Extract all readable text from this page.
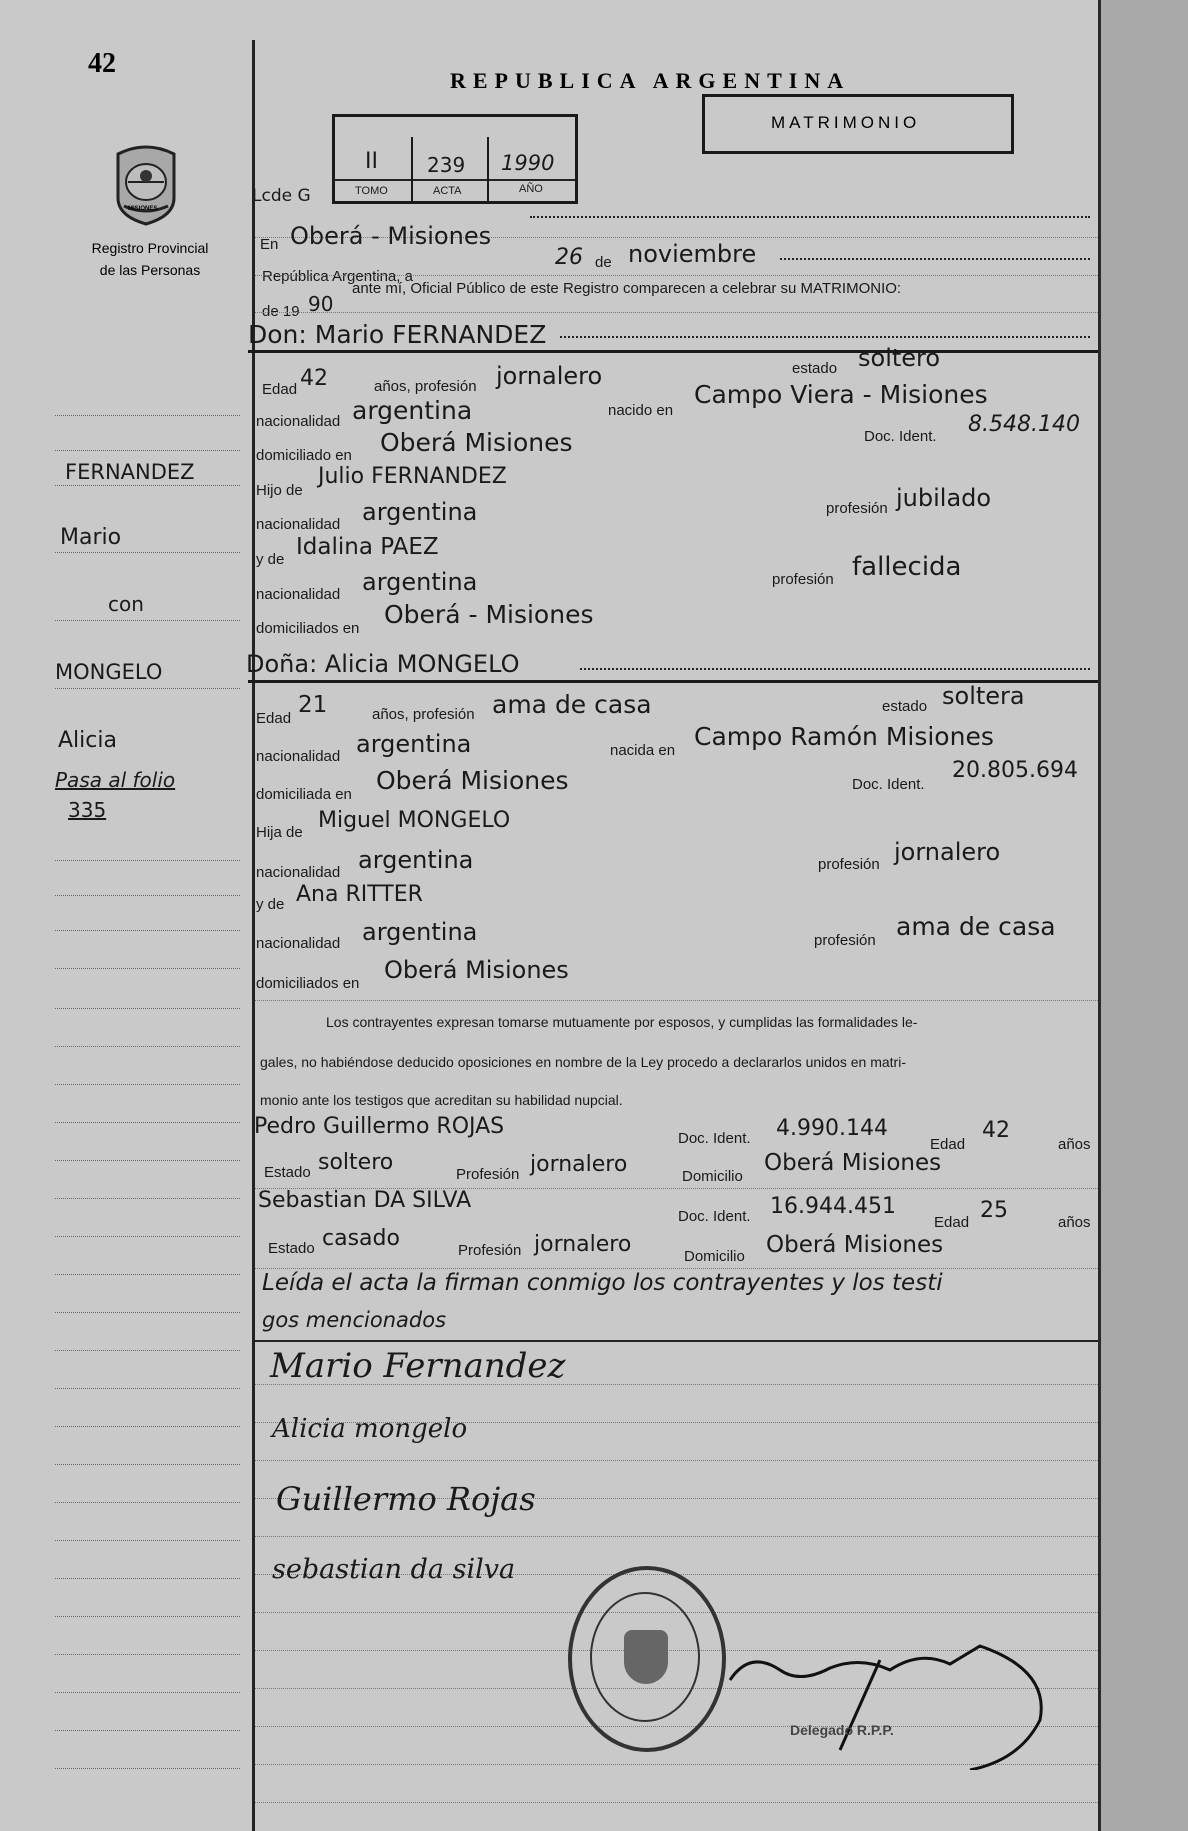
42
MISIONES
Registro Provincial
de las Personas
FERNANDEZ
Mario
con
MONGELO
Alicia
Pasa al folio
335
REPUBLICA ARGENTINA
MATRIMONIO
II 239 1990
TOMO	ACTA	AÑO
Lcde G
En Oberá - Misiones
República Argentina, a
26 de noviembre
de 19 90
ante mí, Oficial Público de este Registro comparecen a celebrar su MATRIMONIO:
Don: Mario FERNANDEZ
Edad 42	años, profesión jornalero	estado soltero
nacionalidad argentina	nacido en
Campo Viera - Misiones
domiciliado en Oberá Misiones	Doc. Ident. 8.548.140
Hijo de
Julio FERNANDEZ
nacionalidad argentina	profesión jubilado
y de Idalina PAEZ
nacionalidad argentina	profesión fallecida
domiciliados en Oberá - Misiones
Doña: Alicia MONGELO
Edad
21	años, profesión ama de casa	estado soltera
nacionalidad argentina	nacida en Campo Ramón Misiones
domiciliada en Oberá Misiones	Doc. Ident.
20.805.694
Hija de Miguel MONGELO
nacionalidad argentina	profesión jornalero
y de Ana RITTER
nacionalidad argentina	profesión ama de casa
domiciliados en Oberá Misiones
Los contrayentes expresan tomarse mutuamente por esposos, y cumplidas las formalidades le-
gales, no habiéndose deducido oposiciones en nombre de la Ley procedo a declararlos unidos en matri-
monio ante los testigos que acreditan su habilidad nupcial.
Pedro Guillermo ROJAS	Doc. Ident. 4.990.144
Edad
42
años
Estado soltero	Profesión jornalero	Domicilio
Oberá Misiones
Sebastian DA SILVA
Doc. Ident. 16.944.451
Edad 25	años
Estado casado	Profesión jornalero	Domicilio Oberá Misiones
Leída el acta la firman conmigo los contrayentes y los testi
gos mencionados
Mario Fernandez
Alicia mongelo
Guillermo Rojas
sebastian da silva
Delegado R.P.P.
